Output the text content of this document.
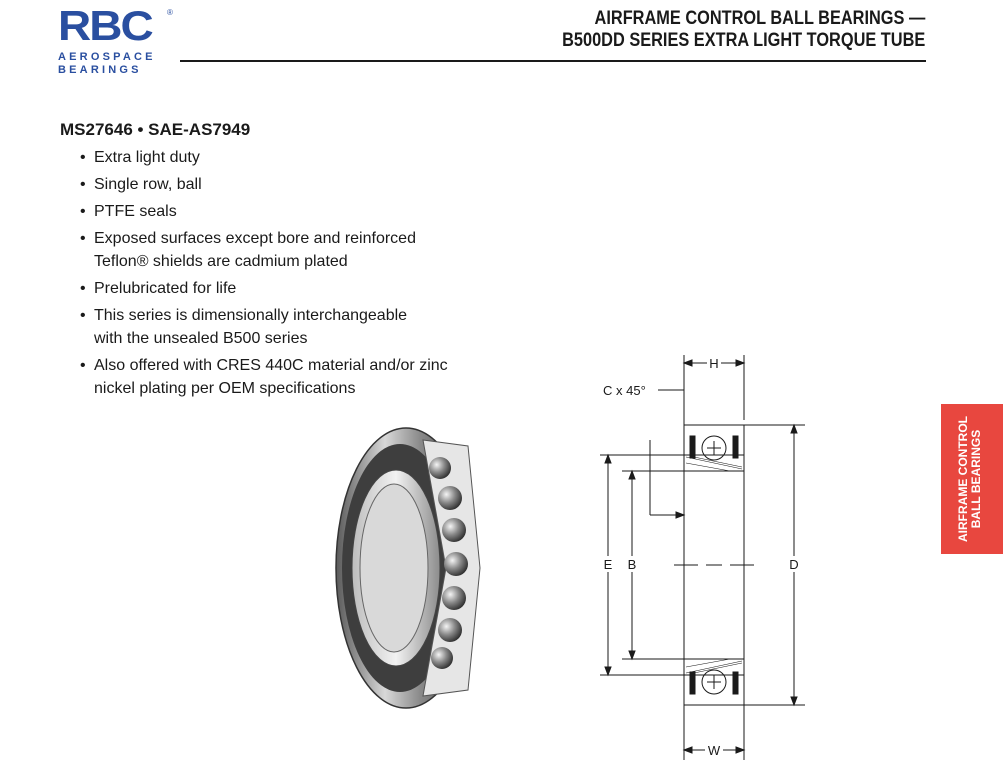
RBC ®
AEROSPACE
BEARINGS
AIRFRAME CONTROL BALL BEARINGS —
B500DD SERIES EXTRA LIGHT TORQUE TUBE
MS27646 • SAE-AS7949
• Extra light duty
• Single row, ball
• PTFE seals
• Exposed surfaces except bore and reinforced
Teflon® shields are cadmium plated
• Prelubricated for life
• This series is dimensionally interchangeable
with the unsealed B500 series
• Also offered with CRES 440C material and/or zinc
nickel plating per OEM specifications
H
C x 45°
E B	D
W
AIRFRAME CONTROL BALL BEARINGS
